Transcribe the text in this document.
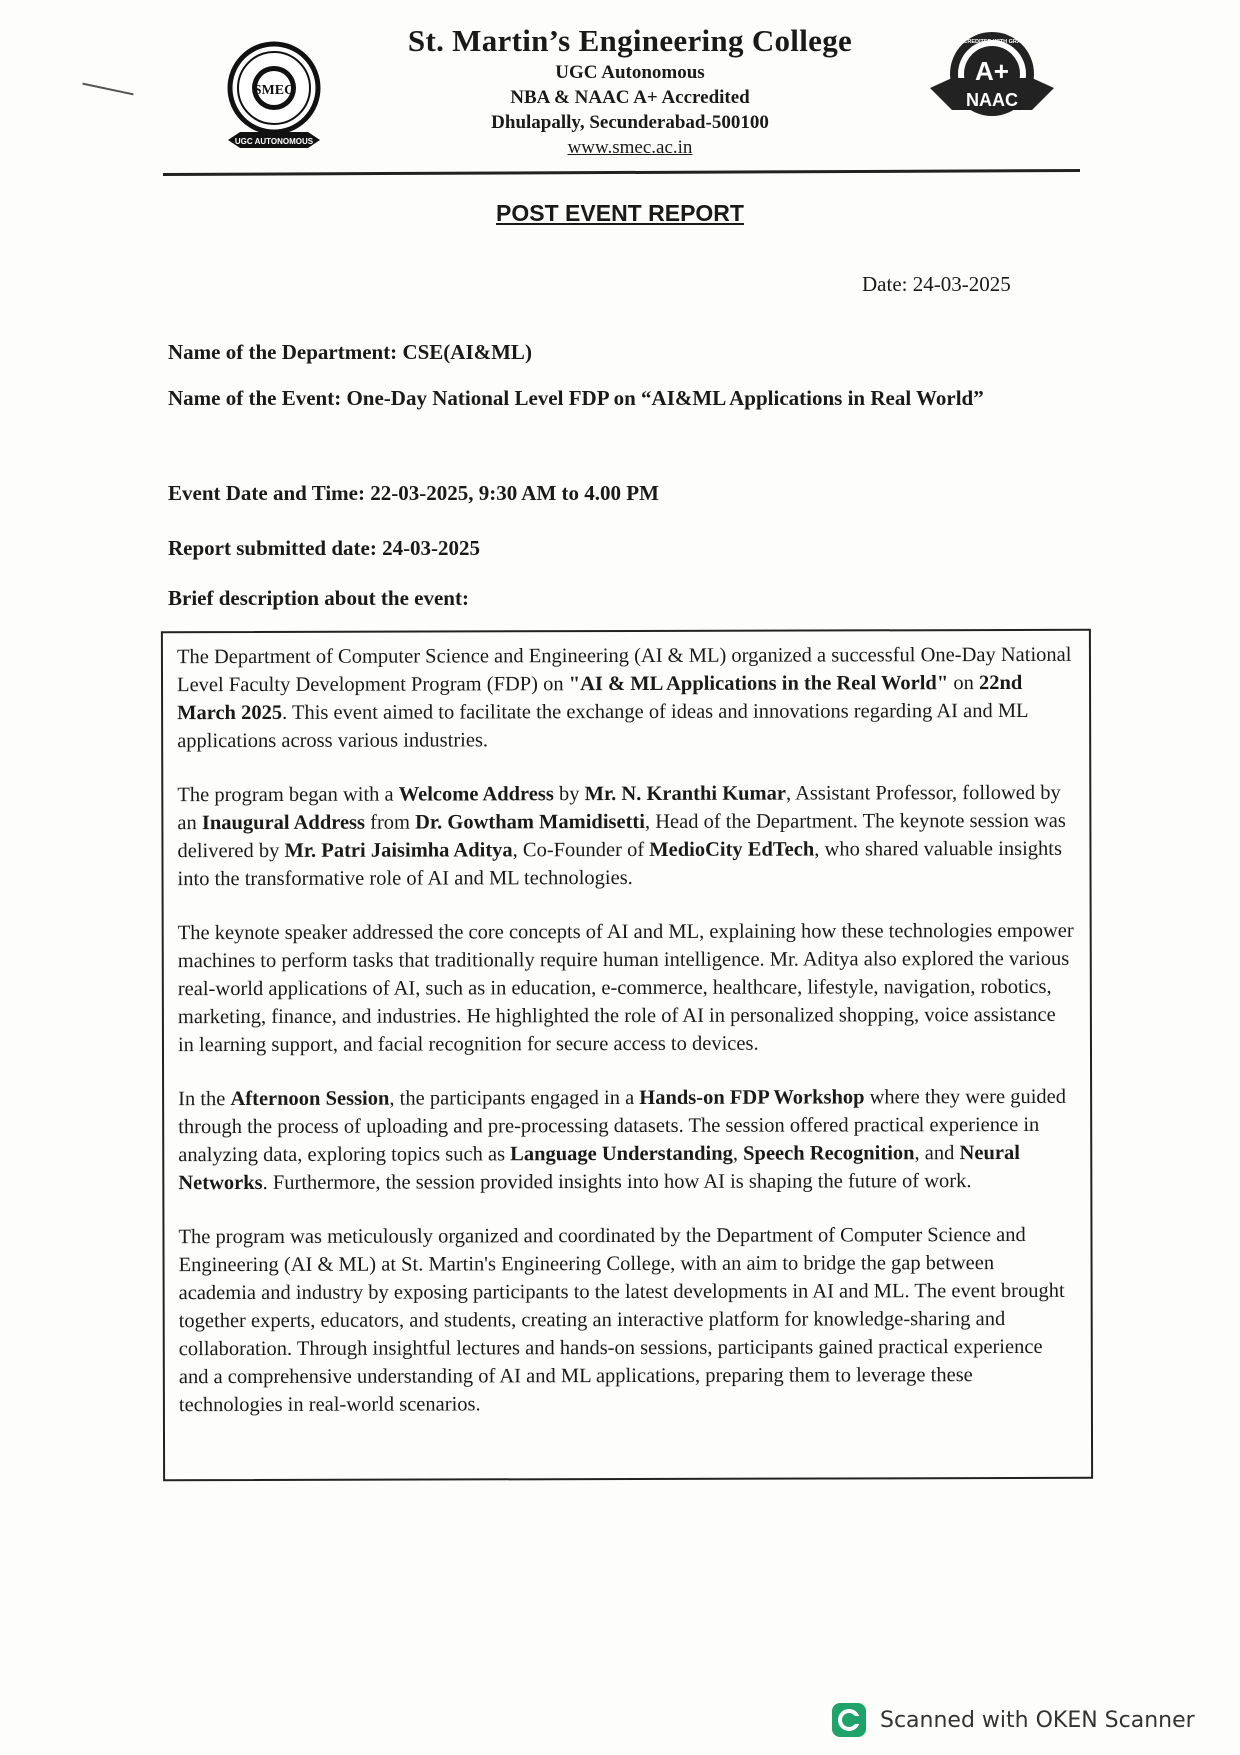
SMEC
UGC AUTONOMOUS
St. Martin’s Engineering College
UGC Autonomous
NBA & NAAC A+ Accredited
Dhulapally, Secunderabad-500100
www.smec.ac.in
A+
NAAC
ACCREDITED WITH GRADE
POST EVENT REPORT
Date: 24-03-2025
Name of the Department: CSE(AI&ML)
Name of the Event: One-Day National Level FDP on “AI&ML Applications in Real World”
Event Date and Time: 22-03-2025, 9:30 AM to 4.00 PM
Report submitted date: 24-03-2025
Brief description about the event:

The Department of Computer Science and Engineering (AI & ML) organized a successful One-Day National Level Faculty Development Program (FDP) on "AI & ML Applications in the Real World" on 22nd March 2025. This event aimed to facilitate the exchange of ideas and innovations regarding AI and ML applications across various industries.

The program began with a Welcome Address by Mr. N. Kranthi Kumar, Assistant Professor, followed by an Inaugural Address from Dr. Gowtham Mamidisetti, Head of the Department. The keynote session was delivered by Mr. Patri Jaisimha Aditya, Co-Founder of MedioCity EdTech, who shared valuable insights into the transformative role of AI and ML technologies.

The keynote speaker addressed the core concepts of AI and ML, explaining how these technologies empower machines to perform tasks that traditionally require human intelligence. Mr. Aditya also explored the various real-world applications of AI, such as in education, e-commerce, healthcare, lifestyle, navigation, robotics, marketing, finance, and industries. He highlighted the role of AI in personalized shopping, voice assistance in learning support, and facial recognition for secure access to devices.

In the Afternoon Session, the participants engaged in a Hands-on FDP Workshop where they were guided through the process of uploading and pre-processing datasets. The session offered practical experience in analyzing data, exploring topics such as Language Understanding, Speech Recognition, and Neural Networks. Furthermore, the session provided insights into how AI is shaping the future of work.

The program was meticulously organized and coordinated by the Department of Computer Science and Engineering (AI & ML) at St. Martin's Engineering College, with an aim to bridge the gap between academia and industry by exposing participants to the latest developments in AI and ML. The event brought together experts, educators, and students, creating an interactive platform for knowledge-sharing and collaboration. Through insightful lectures and hands-on sessions, participants gained practical experience and a comprehensive understanding of AI and ML applications, preparing them to leverage these technologies in real-world scenarios.

Scanned with OKEN Scanner
